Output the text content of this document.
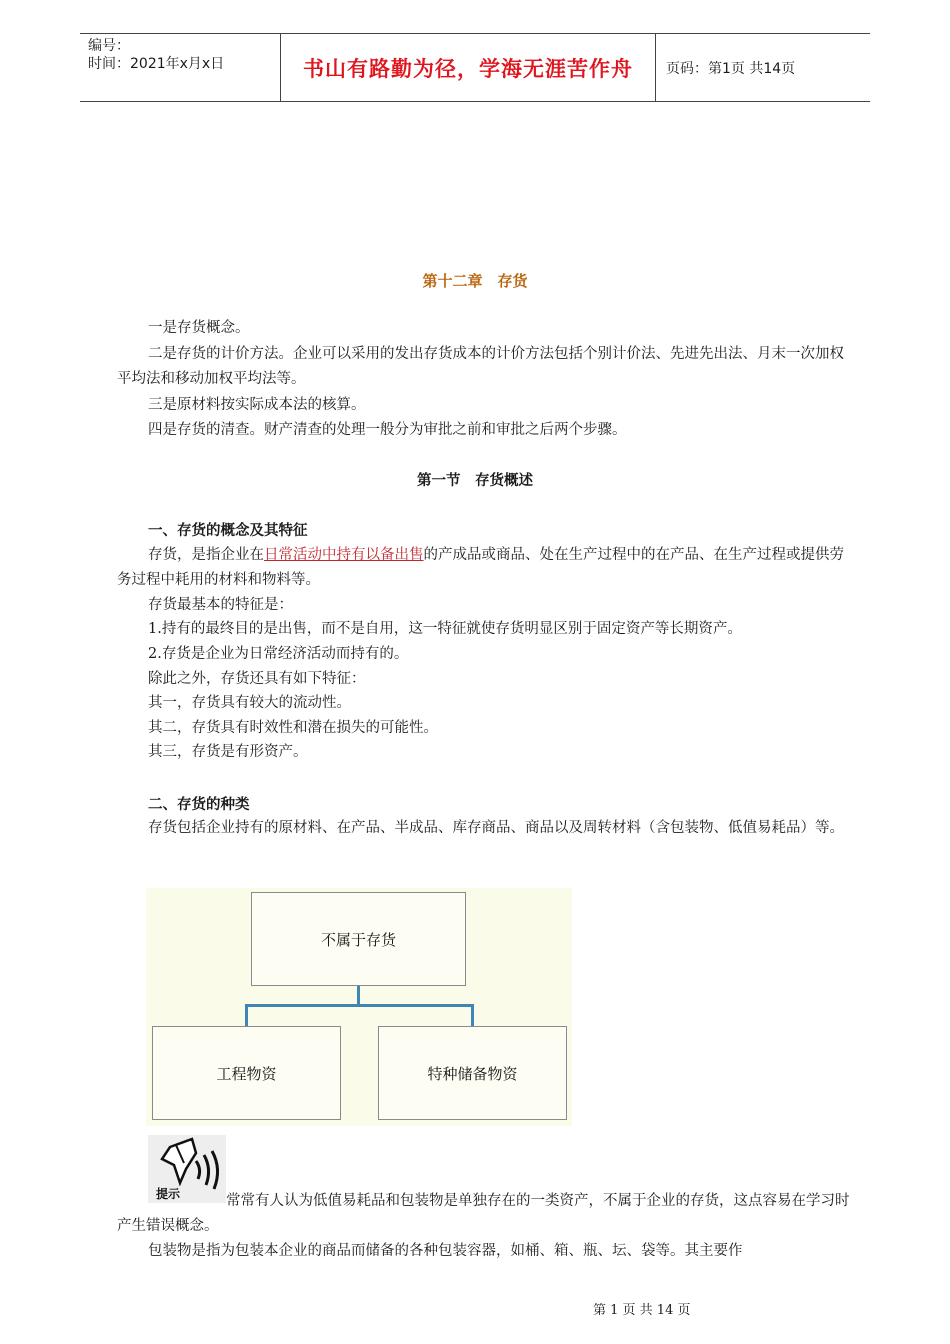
编号：
时间：2021年x月x日	书山有路勤为径，学海无涯苦作舟	页码：第1页 共14页
第十二章　存货

一是存货概念。

二是存货的计价方法。企业可以采用的发出存货成本的计价方法包括个别计价法、先进先出法、月末一次加权平均法和移动加权平均法等。

三是原材料按实际成本法的核算。

四是存货的清查。财产清查的处理一般分为审批之前和审批之后两个步骤。

第一节　存货概述
一、存货的概念及其特征

存货，是指企业在日常活动中持有以备出售的产成品或商品、处在生产过程中的在产品、在生产过程或提供劳务过程中耗用的材料和物料等。

存货最基本的特征是：

1.持有的最终目的是出售，而不是自用，这一特征就使存货明显区别于固定资产等长期资产。

2.存货是企业为日常经济活动而持有的。

除此之外，存货还具有如下特征：

其一，存货具有较大的流动性。

其二，存货具有时效性和潜在损失的可能性。

其三，存货是有形资产。

二、存货的种类

存货包括企业持有的原材料、在产品、半成品、库存商品、商品以及周转材料（含包装物、低值易耗品）等。

不属于存货
工程物资	特种储备物资
提示	常常有人认为低值易耗品和包装物是单独存在的一类资产，不属于企业的存货，这点容易在学习时产生错误概念。

包装物是指为包装本企业的商品而储备的各种包装容器，如桶、箱、瓶、坛、袋等。其主要作

第 1 页 共 14 页
